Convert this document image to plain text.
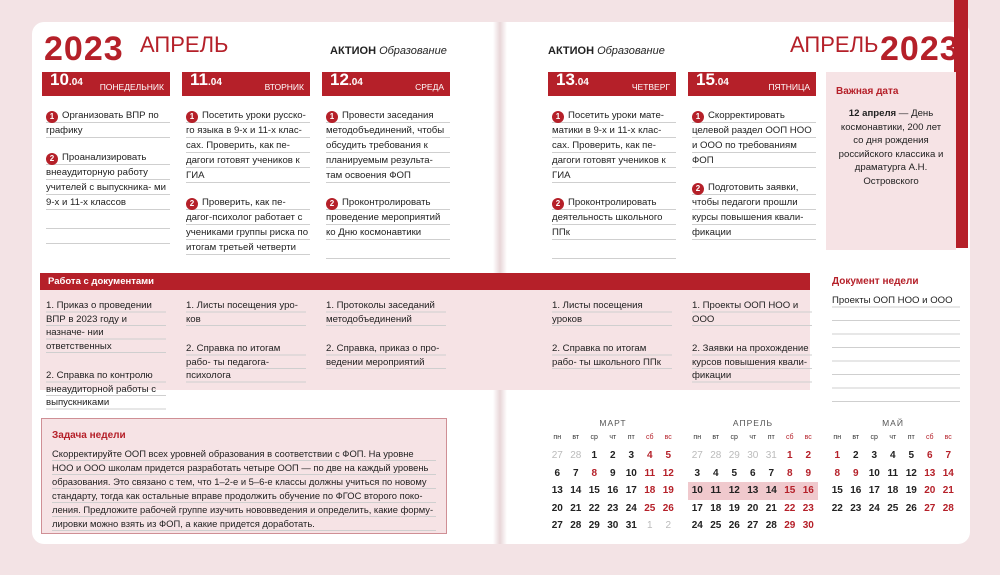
2023 АПРЕЛЬ	АКТИОН Образование	АКТИОН Образование	АПРЕЛЬ 2023
10.04 ПОНЕДЕЛЬНИК
1 Организовать ВПР по графику
2 Проанализировать внеаудиторную работу учителей с выпускника- ми 9-х и 11-х классов
11.04	ВТОРНИК
1 Посетить уроки русско- го языка в 9-х и 11-х клас- сах. Проверить, как пе- дагоги готовят учеников к ГИА
2 Проверить, как пе- дагог-психолог работает с учениками группы риска по итогам третьей четверти
12.04	СРЕДА
1 Провести заседания методобъединений, чтобы обсудить требования к планируемым результа- там освоения ФОП
2 Проконтролировать проведение мероприятий ко Дню космонавтики
13.04	ЧЕТВЕРГ
1 Посетить уроки мате- матики в 9-х и 11-х клас- сах. Проверить, как пе- дагоги готовят учеников к ГИА
2 Проконтролировать деятельность школьного ППк
15.04	ПЯТНИЦА
1 Скорректировать целевой раздел ООП НОО и ООО по требованиям ФОП
2 Подготовить заявки, чтобы педагоги прошли курсы повышения квали- фикации
Важная дата
12 апреля — День космонавтики, 200 лет со дня рождения российского классика и драматурга А.Н. Островского
Работа с документами
1. Приказ о проведении ВПР в 2023 году и назначе- нии ответственных
2. Справка по контролю внеаудиторной работы с выпускниками
1. Листы посещения уро- ков
2. Справка по итогам рабо- ты педагога-психолога
1. Протоколы заседаний методобъединений
2. Справка, приказ о про- ведении мероприятий
1. Листы посещения уроков
2. Справка по итогам рабо- ты школьного ППк
1. Проекты ООП НОО и ООО
2. Заявки на прохождение курсов повышения квали- фикации
Документ недели
Проекты ООП НОО и ООО
Задача недели
Скорректируйте ООП всех уровней образования в соответствии с ФОП. На уровне НОО и ООО школам придется разработать четыре ООП — по две на каждый уровень образования. Это связано с тем, что 1–2-е и 5–6-е классы должны учиться по новому стандарту, тогда как остальные вправе продолжить обучение по ФГОС второго поко- ления. Предложите рабочей группе изучить нововведения и определить, какие форму- лировки можно взять из ФОП, а какие придется доработать.
МАРТ
пн	вт	ср	чт	пт	сб	вс
27 28	1	2	3	4	5
6	7	8	9	10 11 12
13 14 15 16 17 18 19
20 21 22 23 24 25 26
27 28 29 30 31	1	2
АПРЕЛЬ
пн	вт	ср	чт	пт	сб	вс
27 28 29 30 31	1	2
3	4	5	6	7	8	9
10 11 12 13 14 15 16
17 18 19 20 21 22 23
24 25 26 27 28 29 30
МАЙ
пн	вт	ср	чт	пт	сб	вс
1	2	3	4	5	6	7
8	9	10 11 12 13 14
15 16 17 18 19 20 21
22 23 24 25 26 27 28
